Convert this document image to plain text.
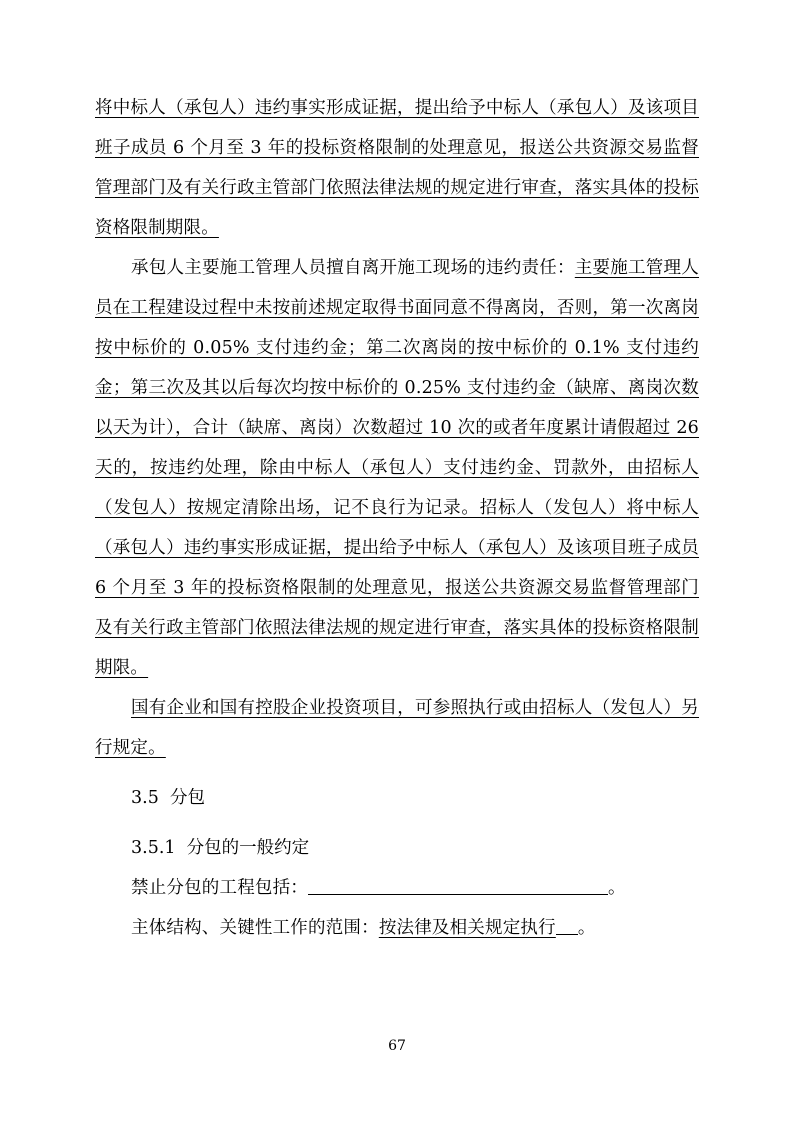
将中标人（承包人）违约事实形成证据，提出给予中标人（承包人）及该项目班子成员 6 个月至 3 年的投标资格限制的处理意见，报送公共资源交易监督管理部门及有关行政主管部门依照法律法规的规定进行审查，落实具体的投标资格限制期限。

承包人主要施工管理人员擅自离开施工现场的违约责任：主要施工管理人员在工程建设过程中未按前述规定取得书面同意不得离岗，否则，第一次离岗按中标价的 0.05% 支付违约金；第二次离岗的按中标价的 0.1% 支付违约金；第三次及其以后每次均按中标价的 0.25% 支付违约金（缺席、离岗次数以天为计），合计（缺席、离岗）次数超过 10 次的或者年度累计请假超过 26 天的，按违约处理，除由中标人（承包人）支付违约金、罚款外，由招标人（发包人）按规定清除出场，记不良行为记录。招标人（发包人）将中标人（承包人）违约事实形成证据，提出给予中标人（承包人）及该项目班子成员 6 个月至 3 年的投标资格限制的处理意见，报送公共资源交易监督管理部门及有关行政主管部门依照法律法规的规定进行审查，落实具体的投标资格限制期限。

国有企业和国有控股企业投资项目，可参照执行或由招标人（发包人）另行规定。

3.5 分包

3.5.1 分包的一般约定

禁止分包的工程包括：	。

主体结构、关键性工作的范围：按法律及相关规定执行 。

67
